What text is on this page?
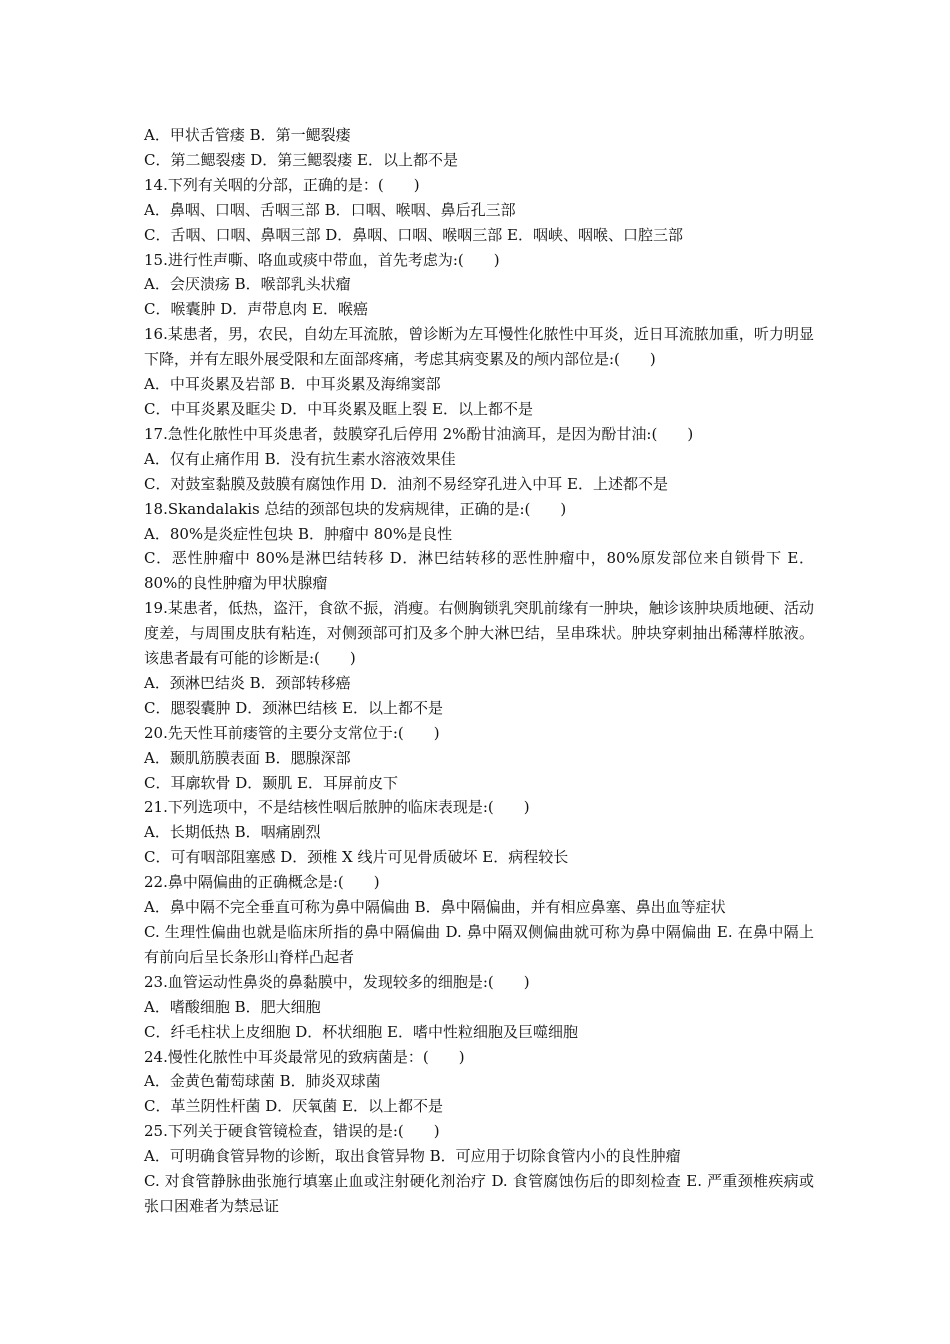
A．甲状舌管瘘 B．第一鳃裂瘘
C．第二鳃裂瘘 D．第三鳃裂瘘 E．以上都不是
14.下列有关咽的分部，正确的是：(　　)
A．鼻咽、口咽、舌咽三部 B．口咽、喉咽、鼻后孔三部
C．舌咽、口咽、鼻咽三部 D．鼻咽、口咽、喉咽三部 E．咽峡、咽喉、口腔三部
15.进行性声嘶、咯血或痰中带血，首先考虑为:(　　)
A．会厌溃疡 B．喉部乳头状瘤
C．喉囊肿 D．声带息肉 E．喉癌
16.某患者，男，农民，自幼左耳流脓，曾诊断为左耳慢性化脓性中耳炎，近日耳流脓加重，听力明显下降，并有左眼外展受限和左面部疼痛，考虑其病变累及的颅内部位是:(　　)
A．中耳炎累及岩部 B．中耳炎累及海绵窦部
C．中耳炎累及眶尖 D．中耳炎累及眶上裂 E．以上都不是
17.急性化脓性中耳炎患者，鼓膜穿孔后停用 2%酚甘油滴耳，是因为酚甘油:(　　)
A．仅有止痛作用 B．没有抗生素水溶液效果佳
C．对鼓室黏膜及鼓膜有腐蚀作用 D．油剂不易经穿孔进入中耳 E．上述都不是
18.Skandalakis 总结的颈部包块的发病规律，正确的是:(　　)
A．80%是炎症性包块 B．肿瘤中 80%是良性
C．恶性肿瘤中 80%是淋巴结转移 D．淋巴结转移的恶性肿瘤中，80%原发部位来自锁骨下 E．80%的良性肿瘤为甲状腺瘤
19.某患者，低热，盗汗，食欲不振，消瘦。右侧胸锁乳突肌前缘有一肿块，触诊该肿块质地硬、活动度差，与周围皮肤有粘连，对侧颈部可扪及多个肿大淋巴结，呈串珠状。肿块穿刺抽出稀薄样脓液。该患者最有可能的诊断是:(　　)
A．颈淋巴结炎 B．颈部转移癌
C．腮裂囊肿 D．颈淋巴结核 E．以上都不是
20.先天性耳前瘘管的主要分支常位于:(　　)
A．颞肌筋膜表面 B．腮腺深部
C．耳廓软骨 D．颞肌 E．耳屏前皮下
21.下列选项中，不是结核性咽后脓肿的临床表现是:(　　)
A．长期低热 B．咽痛剧烈
C．可有咽部阻塞感 D．颈椎 X 线片可见骨质破坏 E．病程较长
22.鼻中隔偏曲的正确概念是:(　　)
A．鼻中隔不完全垂直可称为鼻中隔偏曲 B．鼻中隔偏曲，并有相应鼻塞、鼻出血等症状
C. 生理性偏曲也就是临床所指的鼻中隔偏曲 D. 鼻中隔双侧偏曲就可称为鼻中隔偏曲 E. 在鼻中隔上有前向后呈长条形山脊样凸起者
23.血管运动性鼻炎的鼻黏膜中，发现较多的细胞是:(　　)
A．嗜酸细胞 B．肥大细胞
C．纤毛柱状上皮细胞 D．杯状细胞 E．嗜中性粒细胞及巨噬细胞
24.慢性化脓性中耳炎最常见的致病菌是：(　　)
A．金黄色葡萄球菌 B．肺炎双球菌
C．革兰阴性杆菌 D．厌氧菌 E．以上都不是
25.下列关于硬食管镜检查，错误的是:(　　)
A．可明确食管异物的诊断，取出食管异物 B．可应用于切除食管内小的良性肿瘤
C. 对食管静脉曲张施行填塞止血或注射硬化剂治疗 D. 食管腐蚀伤后的即刻检查 E. 严重颈椎疾病或张口困难者为禁忌证
